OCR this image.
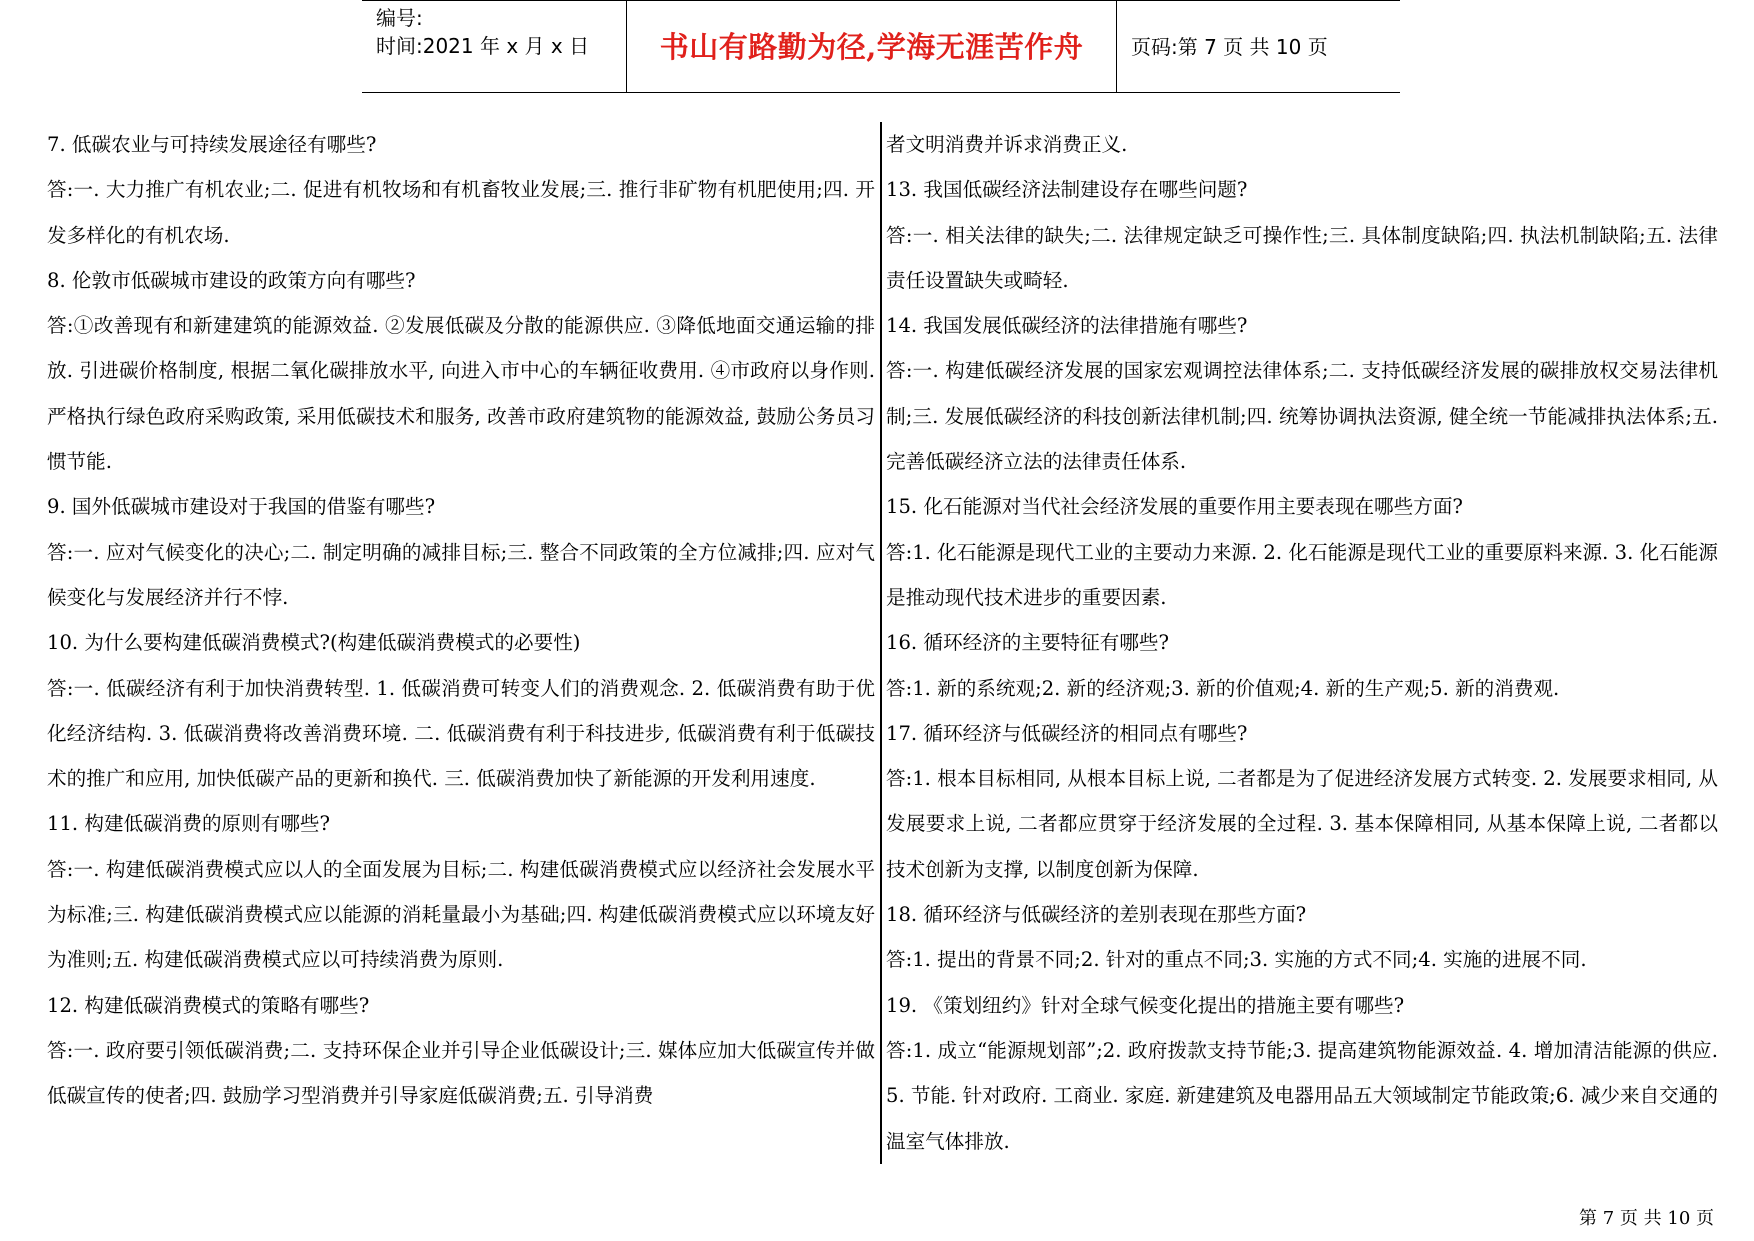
编号:
时间:2021 年 x 月 x 日	书山有路勤为径,学海无涯苦作舟 页码:第 7 页 共 10 页

7. 低碳农业与可持续发展途径有哪些?

答:一. 大力推广有机农业;二. 促进有机牧场和有机畜牧业发展;三. 推行非矿物有机肥使用;四. 开发多样化的有机农场.

8. 伦敦市低碳城市建设的政策方向有哪些?

答:①改善现有和新建建筑的能源效益. ②发展低碳及分散的能源供应. ③降低地面交通运输的排放. 引进碳价格制度, 根据二氧化碳排放水平, 向进入市中心的车辆征收费用. ④市政府以身作则. 严格执行绿色政府采购政策, 采用低碳技术和服务, 改善市政府建筑物的能源效益, 鼓励公务员习惯节能.

9. 国外低碳城市建设对于我国的借鉴有哪些?

答:一. 应对气候变化的决心;二. 制定明确的减排目标;三. 整合不同政策的全方位减排;四. 应对气候变化与发展经济并行不悖.

10. 为什么要构建低碳消费模式?(构建低碳消费模式的必要性)

答:一. 低碳经济有利于加快消费转型. 1. 低碳消费可转变人们的消费观念. 2. 低碳消费有助于优化经济结构. 3. 低碳消费将改善消费环境. 二. 低碳消费有利于科技进步, 低碳消费有利于低碳技术的推广和应用, 加快低碳产品的更新和换代. 三. 低碳消费加快了新能源的开发利用速度.

11. 构建低碳消费的原则有哪些?

答:一. 构建低碳消费模式应以人的全面发展为目标;二. 构建低碳消费模式应以经济社会发展水平为标准;三. 构建低碳消费模式应以能源的消耗量最小为基础;四. 构建低碳消费模式应以环境友好为准则;五. 构建低碳消费模式应以可持续消费为原则.

12. 构建低碳消费模式的策略有哪些?

答:一. 政府要引领低碳消费;二. 支持环保企业并引导企业低碳设计;三. 媒体应加大低碳宣传并做低碳宣传的使者;四. 鼓励学习型消费并引导家庭低碳消费;五. 引导消费

者文明消费并诉求消费正义.

13. 我国低碳经济法制建设存在哪些问题?

答:一. 相关法律的缺失;二. 法律规定缺乏可操作性;三. 具体制度缺陷;四. 执法机制缺陷;五. 法律责任设置缺失或畸轻.

14. 我国发展低碳经济的法律措施有哪些?

答:一. 构建低碳经济发展的国家宏观调控法律体系;二. 支持低碳经济发展的碳排放权交易法律机制;三. 发展低碳经济的科技创新法律机制;四. 统筹协调执法资源, 健全统一节能减排执法体系;五. 完善低碳经济立法的法律责任体系.

15. 化石能源对当代社会经济发展的重要作用主要表现在哪些方面?

答:1. 化石能源是现代工业的主要动力来源. 2. 化石能源是现代工业的重要原料来源. 3. 化石能源是推动现代技术进步的重要因素.

16. 循环经济的主要特征有哪些?

答:1. 新的系统观;2. 新的经济观;3. 新的价值观;4. 新的生产观;5. 新的消费观.

17. 循环经济与低碳经济的相同点有哪些?

答:1. 根本目标相同, 从根本目标上说, 二者都是为了促进经济发展方式转变. 2. 发展要求相同, 从发展要求上说, 二者都应贯穿于经济发展的全过程. 3. 基本保障相同, 从基本保障上说, 二者都以技术创新为支撑, 以制度创新为保障.

18. 循环经济与低碳经济的差别表现在那些方面?

答:1. 提出的背景不同;2. 针对的重点不同;3. 实施的方式不同;4. 实施的进展不同.

19. 《策划纽约》针对全球气候变化提出的措施主要有哪些?

答:1. 成立“能源规划部”;2. 政府拨款支持节能;3. 提高建筑物能源效益. 4. 增加清洁能源的供应. 5. 节能. 针对政府. 工商业. 家庭. 新建建筑及电器用品五大领域制定节能政策;6. 减少来自交通的温室气体排放.

第 7 页 共 10 页
